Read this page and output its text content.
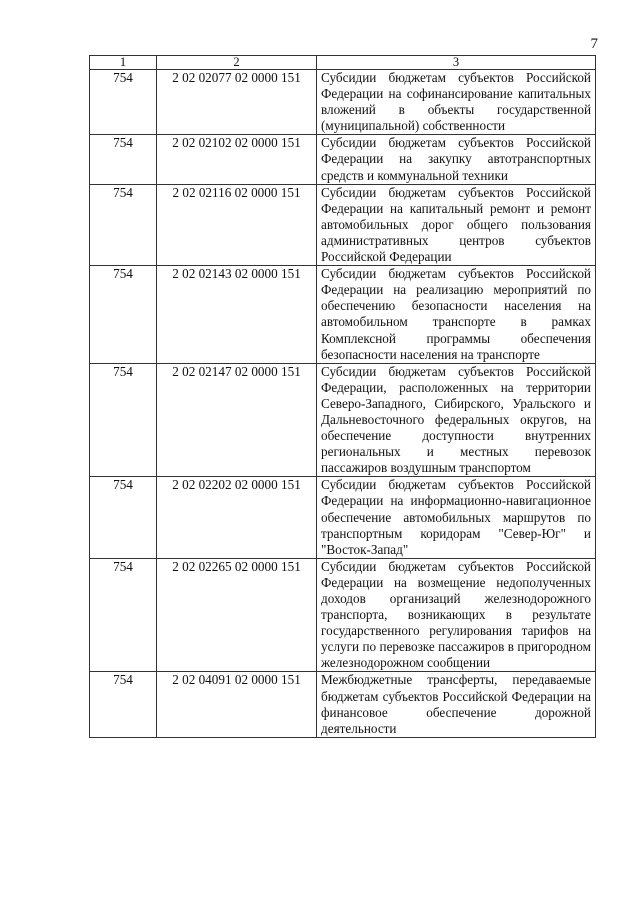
7
1	2	3
754	2 02 02077 02 0000 151	Субсидии бюджетам субъектов Российской Федерации на софинансирование капитальных вложений в объекты государственной (муниципальной) собственности
754	2 02 02102 02 0000 151	Субсидии бюджетам субъектов Российской Федерации на закупку автотранспортных средств и коммунальной техники
754	2 02 02116 02 0000 151	Субсидии бюджетам субъектов Российской Федерации на капитальный ремонт и ремонт автомобильных дорог общего пользования административных центров субъектов Российской Федерации
754	2 02 02143 02 0000 151	Субсидии бюджетам субъектов Российской Федерации на реализацию мероприятий по обеспечению безопасности населения на автомобильном транспорте в рамках Комплексной программы обеспечения безопасности населения на транспорте
754	2 02 02147 02 0000 151	Субсидии бюджетам субъектов Российской Федерации, расположенных на территории Северо-Западного, Сибирского, Уральского и Дальневосточного федеральных округов, на обеспечение доступности внутренних региональных и местных перевозок пассажиров воздушным транспортом
754	2 02 02202 02 0000 151	Субсидии бюджетам субъектов Российской Федерации на информационно-навигационное обеспечение автомобильных маршрутов по транспортным коридорам "Север-Юг" и "Восток-Запад"
754	2 02 02265 02 0000 151	Субсидии бюджетам субъектов Российской Федерации на возмещение недополученных доходов организаций железнодорожного транспорта, возникающих в результате государственного регулирования тарифов на услуги по перевозке пассажиров в пригородном железнодорожном сообщении
754	2 02 04091 02 0000 151	Межбюджетные трансферты, передаваемые бюджетам субъектов Российской Федерации на финансовое обеспечение дорожной деятельности
